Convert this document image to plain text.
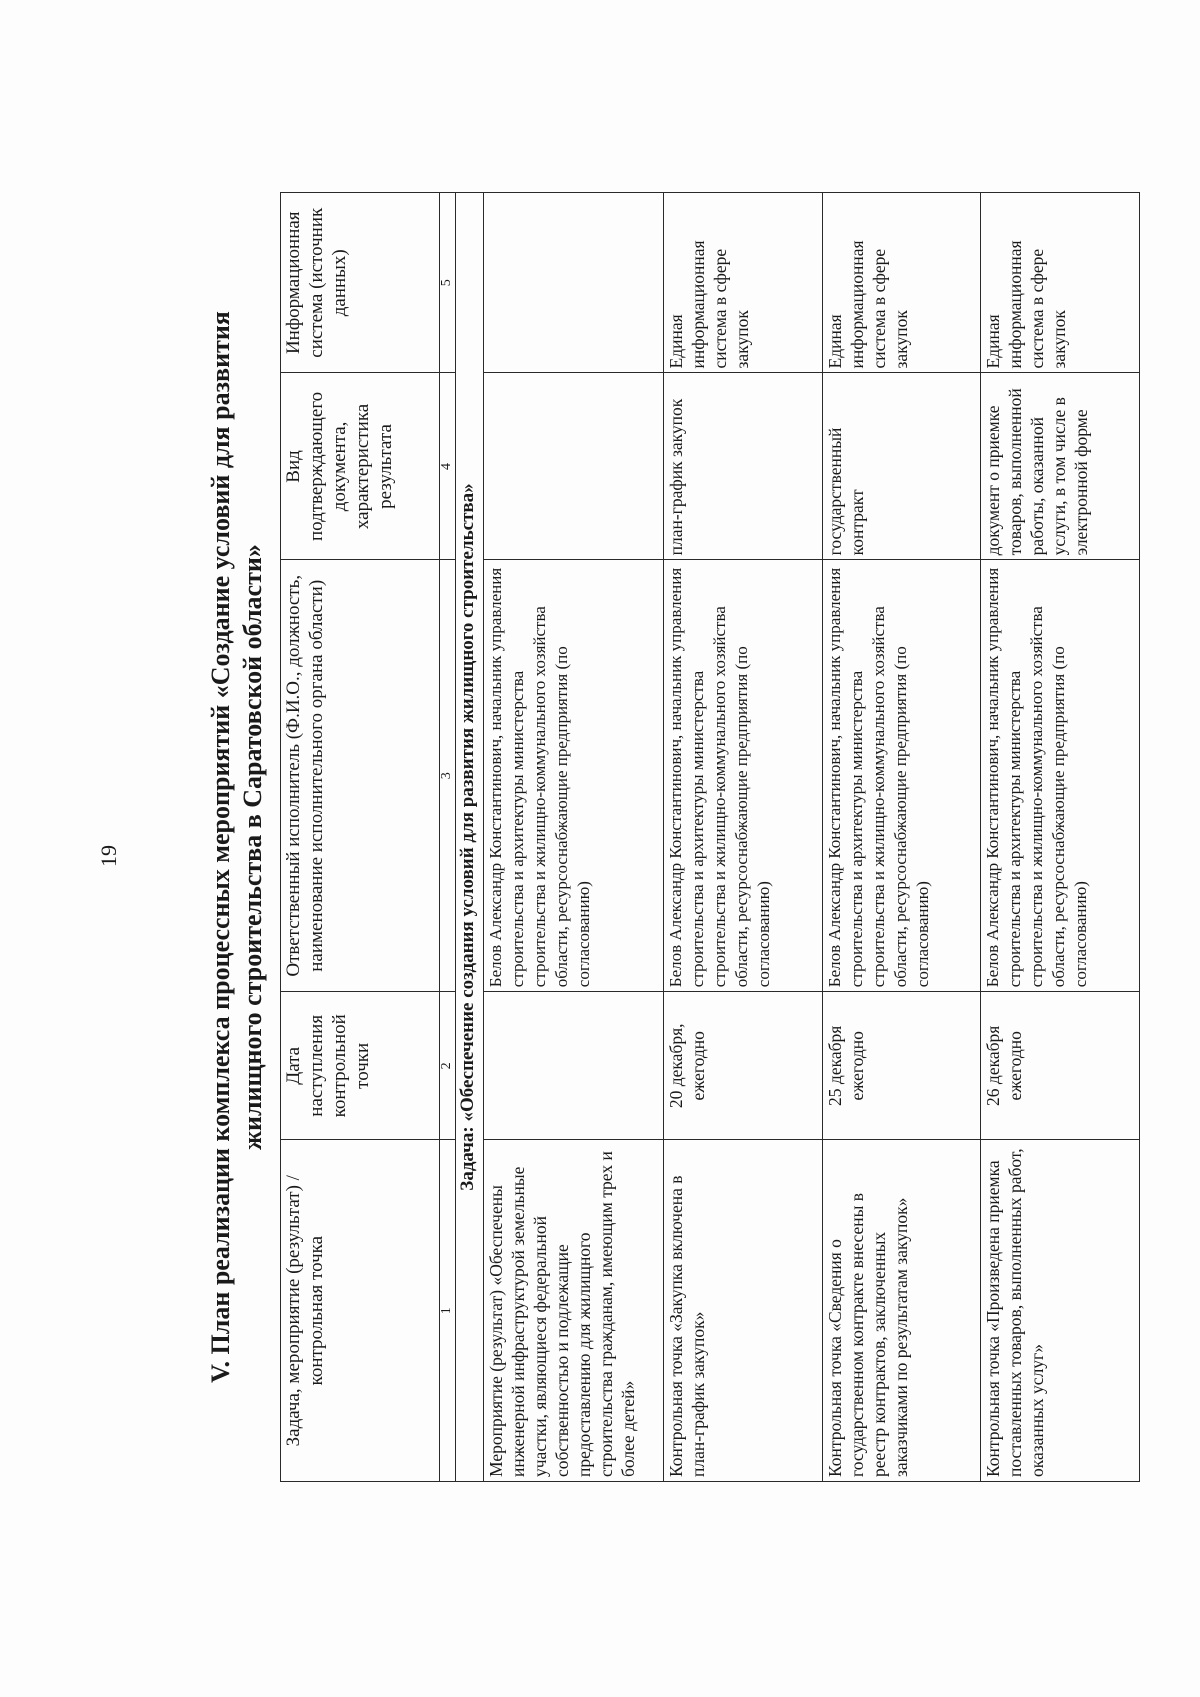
19	V. План реализации комплекса процессных мероприятий «Создание условий для развития жилищного строительства в Саратовской области»
Задача, мероприятие (результат) / контрольная точка	Дата наступления контрольной точки	Ответственный исполнитель (Ф.И.О., должность, наименование исполнительного органа области)	Вид подтверждающего документа, характеристика результата	Информационная система (источник данных)
1	2	3	4	5
Задача: «Обеспечение создания условий для развития жилищного строительства»				
Мероприятие (результат) «Обеспечены инженерной инфраструктурой земельные участки, являющиеся федеральной собственностью и подлежащие предоставлению для жилищного строительства гражданам, имеющим трех и более детей»		Белов Александр Константинович, начальник управления строительства и архитектуры министерства строительства и жилищно-коммунального хозяйства области, ресурсоснабжающие предприятия (по согласованию)		
Контрольная точка «Закупка включена в план-график закупок»	20 декабря, ежегодно	Белов Александр Константинович, начальник управления строительства и архитектуры министерства строительства и жилищно-коммунального хозяйства области, ресурсоснабжающие предприятия (по согласованию)	план-график закупок	Единая информационная система в сфере закупок
Контрольная точка «Сведения о государственном контракте внесены в реестр контрактов, заключенных заказчиками по результатам закупок»	25 декабря ежегодно	Белов Александр Константинович, начальник управления строительства и архитектуры министерства строительства и жилищно-коммунального хозяйства области, ресурсоснабжающие предприятия (по согласованию)	государственный контракт	Единая информационная система в сфере закупок
Контрольная точка «Произведена приемка поставленных товаров, выполненных работ, оказанных услуг»	26 декабря ежегодно	Белов Александр Константинович, начальник управления строительства и архитектуры министерства строительства и жилищно-коммунального хозяйства области, ресурсоснабжающие предприятия (по согласованию)	документ о приемке товаров, выполненной работы, оказанной услуги, в том числе в электронной форме	Единая информационная система в сфере закупок
